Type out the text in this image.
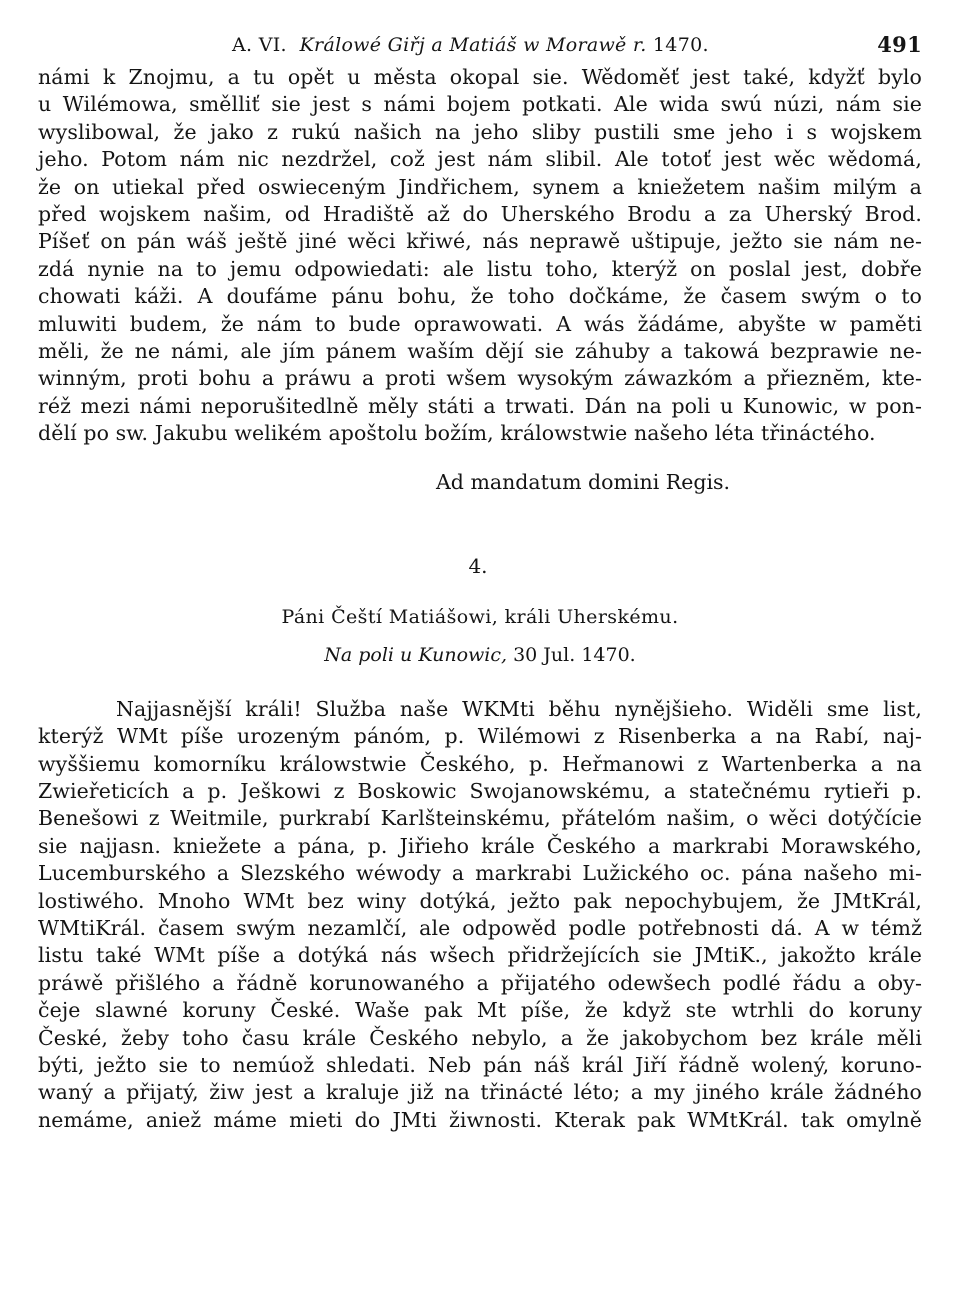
A. VI. Králowé Giřj a Matiáš w Morawě r. 1470.	491
námi k Znojmu, a tu opět u města okopal sie. Wědoměť jest také, kdyžť bylo
u Wilémowa, smělliť sie jest s námi bojem potkati. Ale wida swú núzi, nám sie
wyslibowal, že jako z rukú našich na jeho sliby pustili sme jeho i s wojskem
jeho. Potom nám nic nezdržel, což jest nám slibil. Ale totoť jest wěc wědomá,
že on utiekal před oswieceným Jindřichem, synem a kniežetem našim milým a
před wojskem našim, od Hradiště až do Uherského Brodu a za Uherský Brod.
Píšeť on pán wáš ještě jiné wěci křiwé, nás neprawě uštipuje, ježto sie nám ne-
zdá nynie na to jemu odpowiedati: ale listu toho, kterýž on poslal jest, dobře
chowati káži. A doufáme pánu bohu, že toho dočkáme, že časem swým o to
mluwiti budem, že nám to bude oprawowati. A wás žádáme, abyšte w paměti
měli, že ne námi, ale jím pánem waším dějí sie záhuby a takowá bezprawie ne-
winným, proti bohu a práwu a proti wšem wysokým záwazkóm a přieznĕm, kte-
réž mezi námi neporušitedlně měly státi a trwati. Dán na poli u Kunowic, w pon-
dělí po sw. Jakubu welikém apoštolu božím, králowstwie našeho léta třináctého.
Ad mandatum domini Regis.
4.
Páni Čeští Matiášowi, králi Uherskému.
Na poli u Kunowic, 30 Jul. 1470.
Najjasnější králi! Služba naše WKMti běhu nynějšieho. Widěli sme list,
kterýž WMt píše urozeným pánóm, p. Wilémowi z Risenberka a na Rabí, naj-
wyššiemu komorníku králowstwie Českého, p. Heřmanowi z Wartenberka a na
Zwieřeticích a p. Ješkowi z Boskowic Swojanowskému, a statečnému rytieři p.
Benešowi z Weitmile, purkrabí Karlšteinskému, přátelóm našim, o wěci dotýčície
sie najjasn. kniežete a pána, p. Jiřieho krále Českého a markrabi Morawského,
Lucemburského a Slezského wéwody a markrabi Lužického oc. pána našeho mi-
lostiwého. Mnoho WMt bez winy dotýká, ježto pak nepochybujem, že JMtKrál,
WMtiKrál. časem swým nezamlčí, ale odpowěd podle potřebnosti dá. A w témž
listu také WMt píše a dotýká nás wšech přidržejících sie JMtiK., jakožto krále
práwě přišlého a řádně korunowaného a přijatého odewšech podlé řádu a oby-
čeje slawné koruny České. Waše pak Mt píše, že když ste wtrhli do koruny
České, žeby toho času krále Českého nebylo, a že jakobychom bez krále měli
býti, ježto sie to nemúož shledati. Neb pán náš král Jiří řádně wolený, koruno-
waný a přijatý, žiw jest a kraluje již na třinácté léto; a my jiného krále žádného
nemáme, aniež máme mieti do JMti žiwnosti. Kterak pak WMtKrál. tak omylně
